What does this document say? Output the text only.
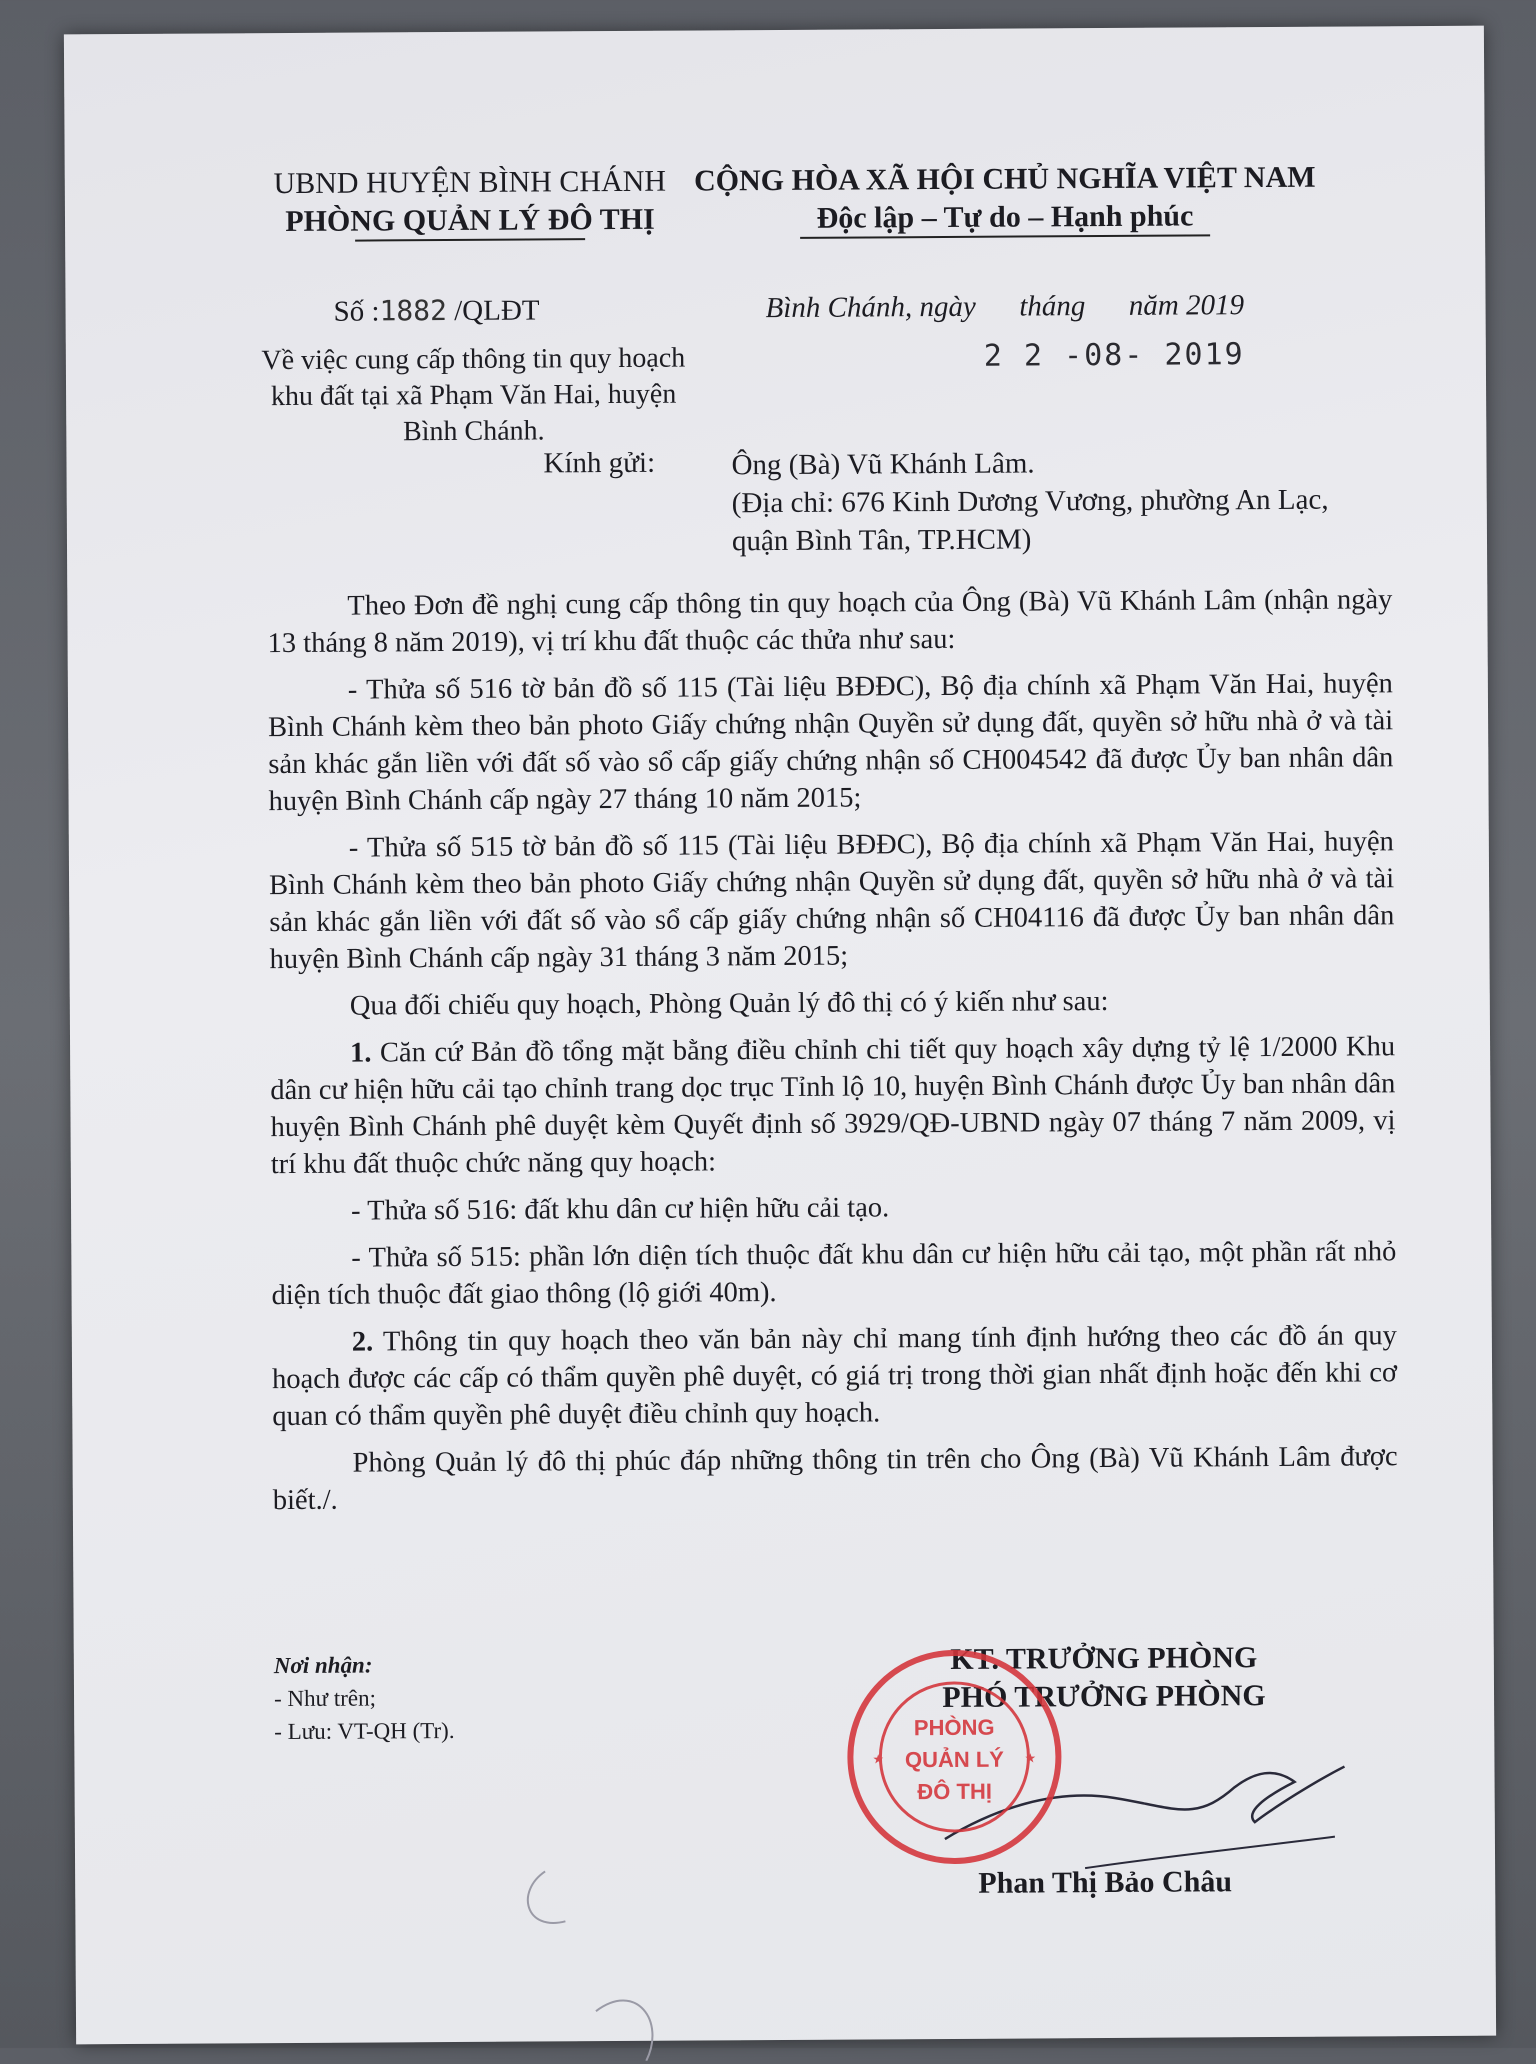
UBND HUYỆN BÌNH CHÁNH
PHÒNG QUẢN LÝ ĐÔ THỊ
CỘNG HÒA XÃ HỘI CHỦ NGHĨA VIỆT NAM
Độc lập – Tự do – Hạnh phúc
Số :1882 /QLĐT	Bình Chánh, ngày      tháng      năm 2019
2 2 -08- 2019
Về việc cung cấp thông tin quy hoạch khu đất tại xã Phạm Văn Hai, huyện Bình Chánh.
Kính gửi:	Ông (Bà) Vũ Khánh Lâm.
(Địa chỉ: 676 Kinh Dương Vương, phường An Lạc, quận Bình Tân, TP.HCM)

Theo Đơn đề nghị cung cấp thông tin quy hoạch của Ông (Bà) Vũ Khánh Lâm (nhận ngày 13 tháng 8 năm 2019), vị trí khu đất thuộc các thửa như sau:

- Thửa số 516 tờ bản đồ số 115 (Tài liệu BĐĐC), Bộ địa chính xã Phạm Văn Hai, huyện Bình Chánh kèm theo bản photo Giấy chứng nhận Quyền sử dụng đất, quyền sở hữu nhà ở và tài sản khác gắn liền với đất số vào sổ cấp giấy chứng nhận số CH004542 đã được Ủy ban nhân dân huyện Bình Chánh cấp ngày 27 tháng 10 năm 2015;

- Thửa số 515 tờ bản đồ số 115 (Tài liệu BĐĐC), Bộ địa chính xã Phạm Văn Hai, huyện Bình Chánh kèm theo bản photo Giấy chứng nhận Quyền sử dụng đất, quyền sở hữu nhà ở và tài sản khác gắn liền với đất số vào sổ cấp giấy chứng nhận số CH04116 đã được Ủy ban nhân dân huyện Bình Chánh cấp ngày 31 tháng 3 năm 2015;

Qua đối chiếu quy hoạch, Phòng Quản lý đô thị có ý kiến như sau:

1. Căn cứ Bản đồ tổng mặt bằng điều chỉnh chi tiết quy hoạch xây dựng tỷ lệ 1/2000 Khu dân cư hiện hữu cải tạo chỉnh trang dọc trục Tỉnh lộ 10, huyện Bình Chánh được Ủy ban nhân dân huyện Bình Chánh phê duyệt kèm Quyết định số 3929/QĐ-UBND ngày 07 tháng 7 năm 2009, vị trí khu đất thuộc chức năng quy hoạch:

- Thửa số 516: đất khu dân cư hiện hữu cải tạo.

- Thửa số 515: phần lớn diện tích thuộc đất khu dân cư hiện hữu cải tạo, một phần rất nhỏ diện tích thuộc đất giao thông (lộ giới 40m).

2. Thông tin quy hoạch theo văn bản này chỉ mang tính định hướng theo các đồ án quy hoạch được các cấp có thẩm quyền phê duyệt, có giá trị trong thời gian nhất định hoặc đến khi cơ quan có thẩm quyền phê duyệt điều chỉnh quy hoạch.

Phòng Quản lý đô thị phúc đáp những thông tin trên cho Ông (Bà) Vũ Khánh Lâm được biết./.

Nơi nhận:
- Như trên;
- Lưu: VT-QH (Tr).
KT. TRƯỞNG PHÒNG
PHÓ TRƯỞNG PHÒNG
PHÒNG
QUẢN LÝ
ĐÔ THỊ
★	★
Phan Thị Bảo Châu
